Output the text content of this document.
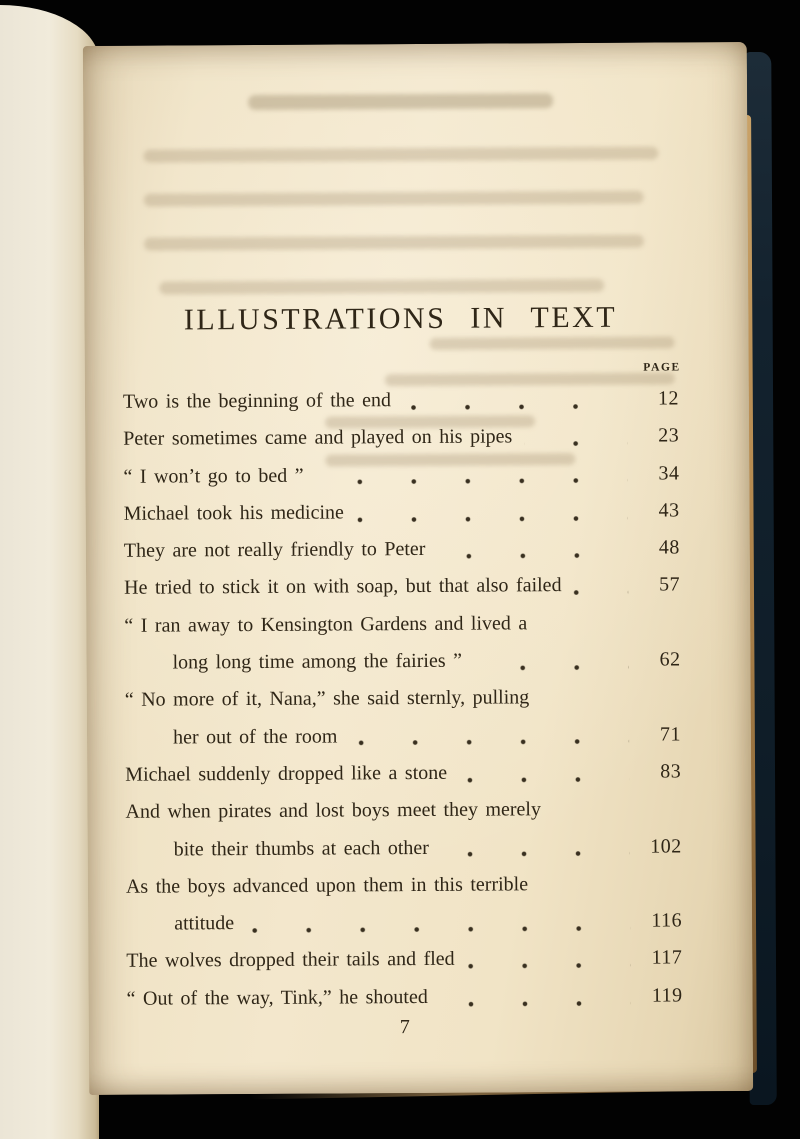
ILLUSTRATIONS IN TEXT
PAGE
Two is the beginning of the end	12
Peter sometimes came and played on his pipes	23
“ I won’t go to bed ”	34
Michael took his medicine	43
They are not really friendly to Peter	48
He tried to stick it on with soap, but that also failed	57
“ I ran away to Kensington Gardens and lived a
long long time among the fairies ”	62
“ No more of it, Nana,” she said sternly, pulling
her out of the room	71
Michael suddenly dropped like a stone	83
And when pirates and lost boys meet they merely
bite their thumbs at each other	102
As the boys advanced upon them in this terrible
attitude	116
The wolves dropped their tails and fled	117
“ Out of the way, Tink,” he shouted	119
7
